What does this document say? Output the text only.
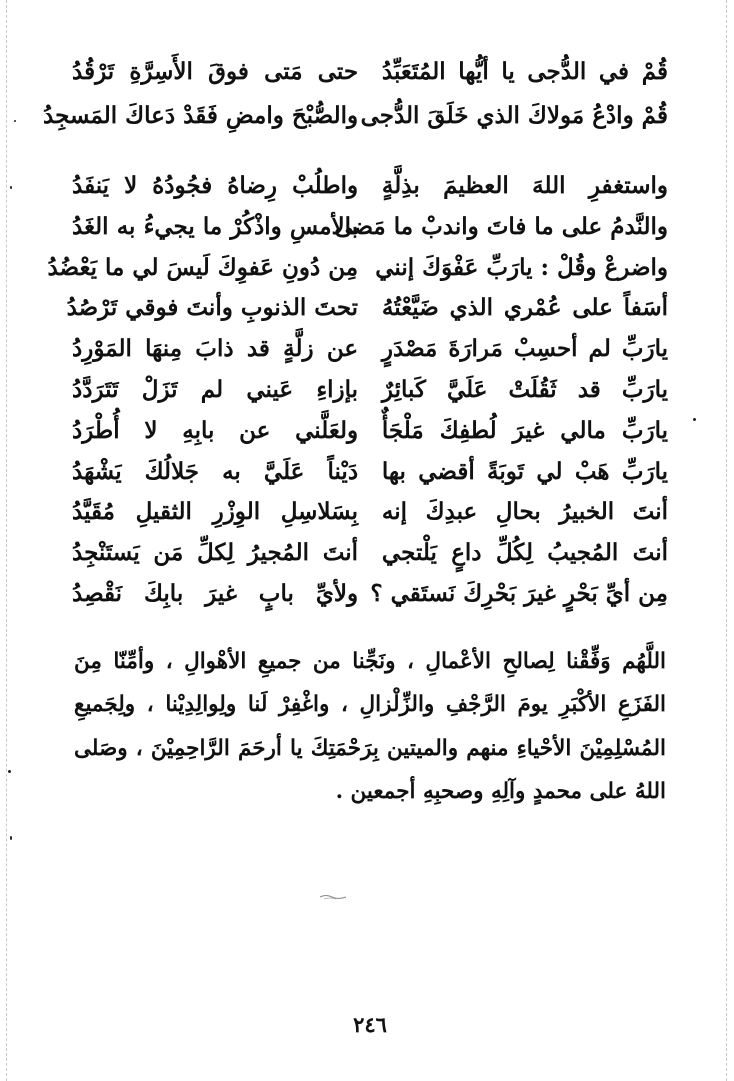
قُمْ في الدُّجى يا أيُّها المُتَعَبِّدُ
حتى مَتى فوقَ الأَسِرَّةِ تَرْقُدُ
قُمْ وادْعُ مَولاكَ الذي خَلَقَ الدُّجى
والصُّبْحَ وامضِ فَقَدْ دَعاكَ المَسجِدُ
واستغفرِ اللهَ العظيمَ بذِلَّةٍ
واطلُبْ رِضاهُ فجُودُهُ لا يَنفَدُ
والنَّدمُ على ما فاتَ واندبْ ما مَضى
بالأمسِ واذْكُرْ ما يجيءُ به الغَدُ
واضرعْ وقُلْ : يارَبِّ عَفْوَكَ إنني
مِن دُونِ عَفوِكَ لَيسَ لي ما يَعْضُدُ
أسَفاً على عُمْري الذي ضَيَّعْتُهُ
تحتَ الذنوبِ وأنتَ فوقي تَرْصُدُ
يارَبِّ لم أحسِبْ مَرارَةَ مَصْدَرٍ
عن زلَّةٍ قد ذابَ مِنهَا المَوْرِدُ
يارَبِّ قد ثَقُلَتْ عَلَيَّ كَبائِرٌ
بإزاءِ عَيني لم تَزَلْ تَتَرَدَّدُ
يارَبِّ مالي غيرَ لُطفِكَ مَلْجَأٌ
ولعَلَّني عن بابِهِ لا أُطْرَدُ
يارَبِّ هَبْ لي تَوبَةً أقضي بها
دَيْناً عَلَيَّ به جَلالُكَ يَشْهَدُ
أنتَ الخبيرُ بحالِ عبدِكَ إنه
بِسَلاسِلِ الوِزْرِ الثقيلِ مُقَيَّدُ
أنتَ المُجيبُ لِكُلِّ داعٍ يَلْتجي
أنتَ المُجيرُ لِكلِّ مَن يَستَنْجِدُ
مِن أيِّ بَحْرٍ غيرَ بَحْرِكَ نَستَقي ؟
ولأيِّ بابٍ غيرَ بابِكَ نَقْصِدُ

اللَّهُم وَفِّقْنا لِصالحِ الأعْمالِ ، ونَجِّنا من جميعِ الأهْوالِ ، وأمِّنّا مِنَ الفَزَعِ الأكْبَرِ يومَ الرَّجْفِ والزِّلْزالِ ، واغْفِرْ لَنا ولِوالِدِيْنا ، ولِجَميعِ المُسْلِمِيْنَ الأحْياءِ منهم والميتين بِرَحْمَتِكَ يا أرحَمَ الرَّاحِمِيْنَ ، وصَلى اللهُ على محمدٍ وآلِهِ وصحبِهِ أجمعين .

٢٤٦
